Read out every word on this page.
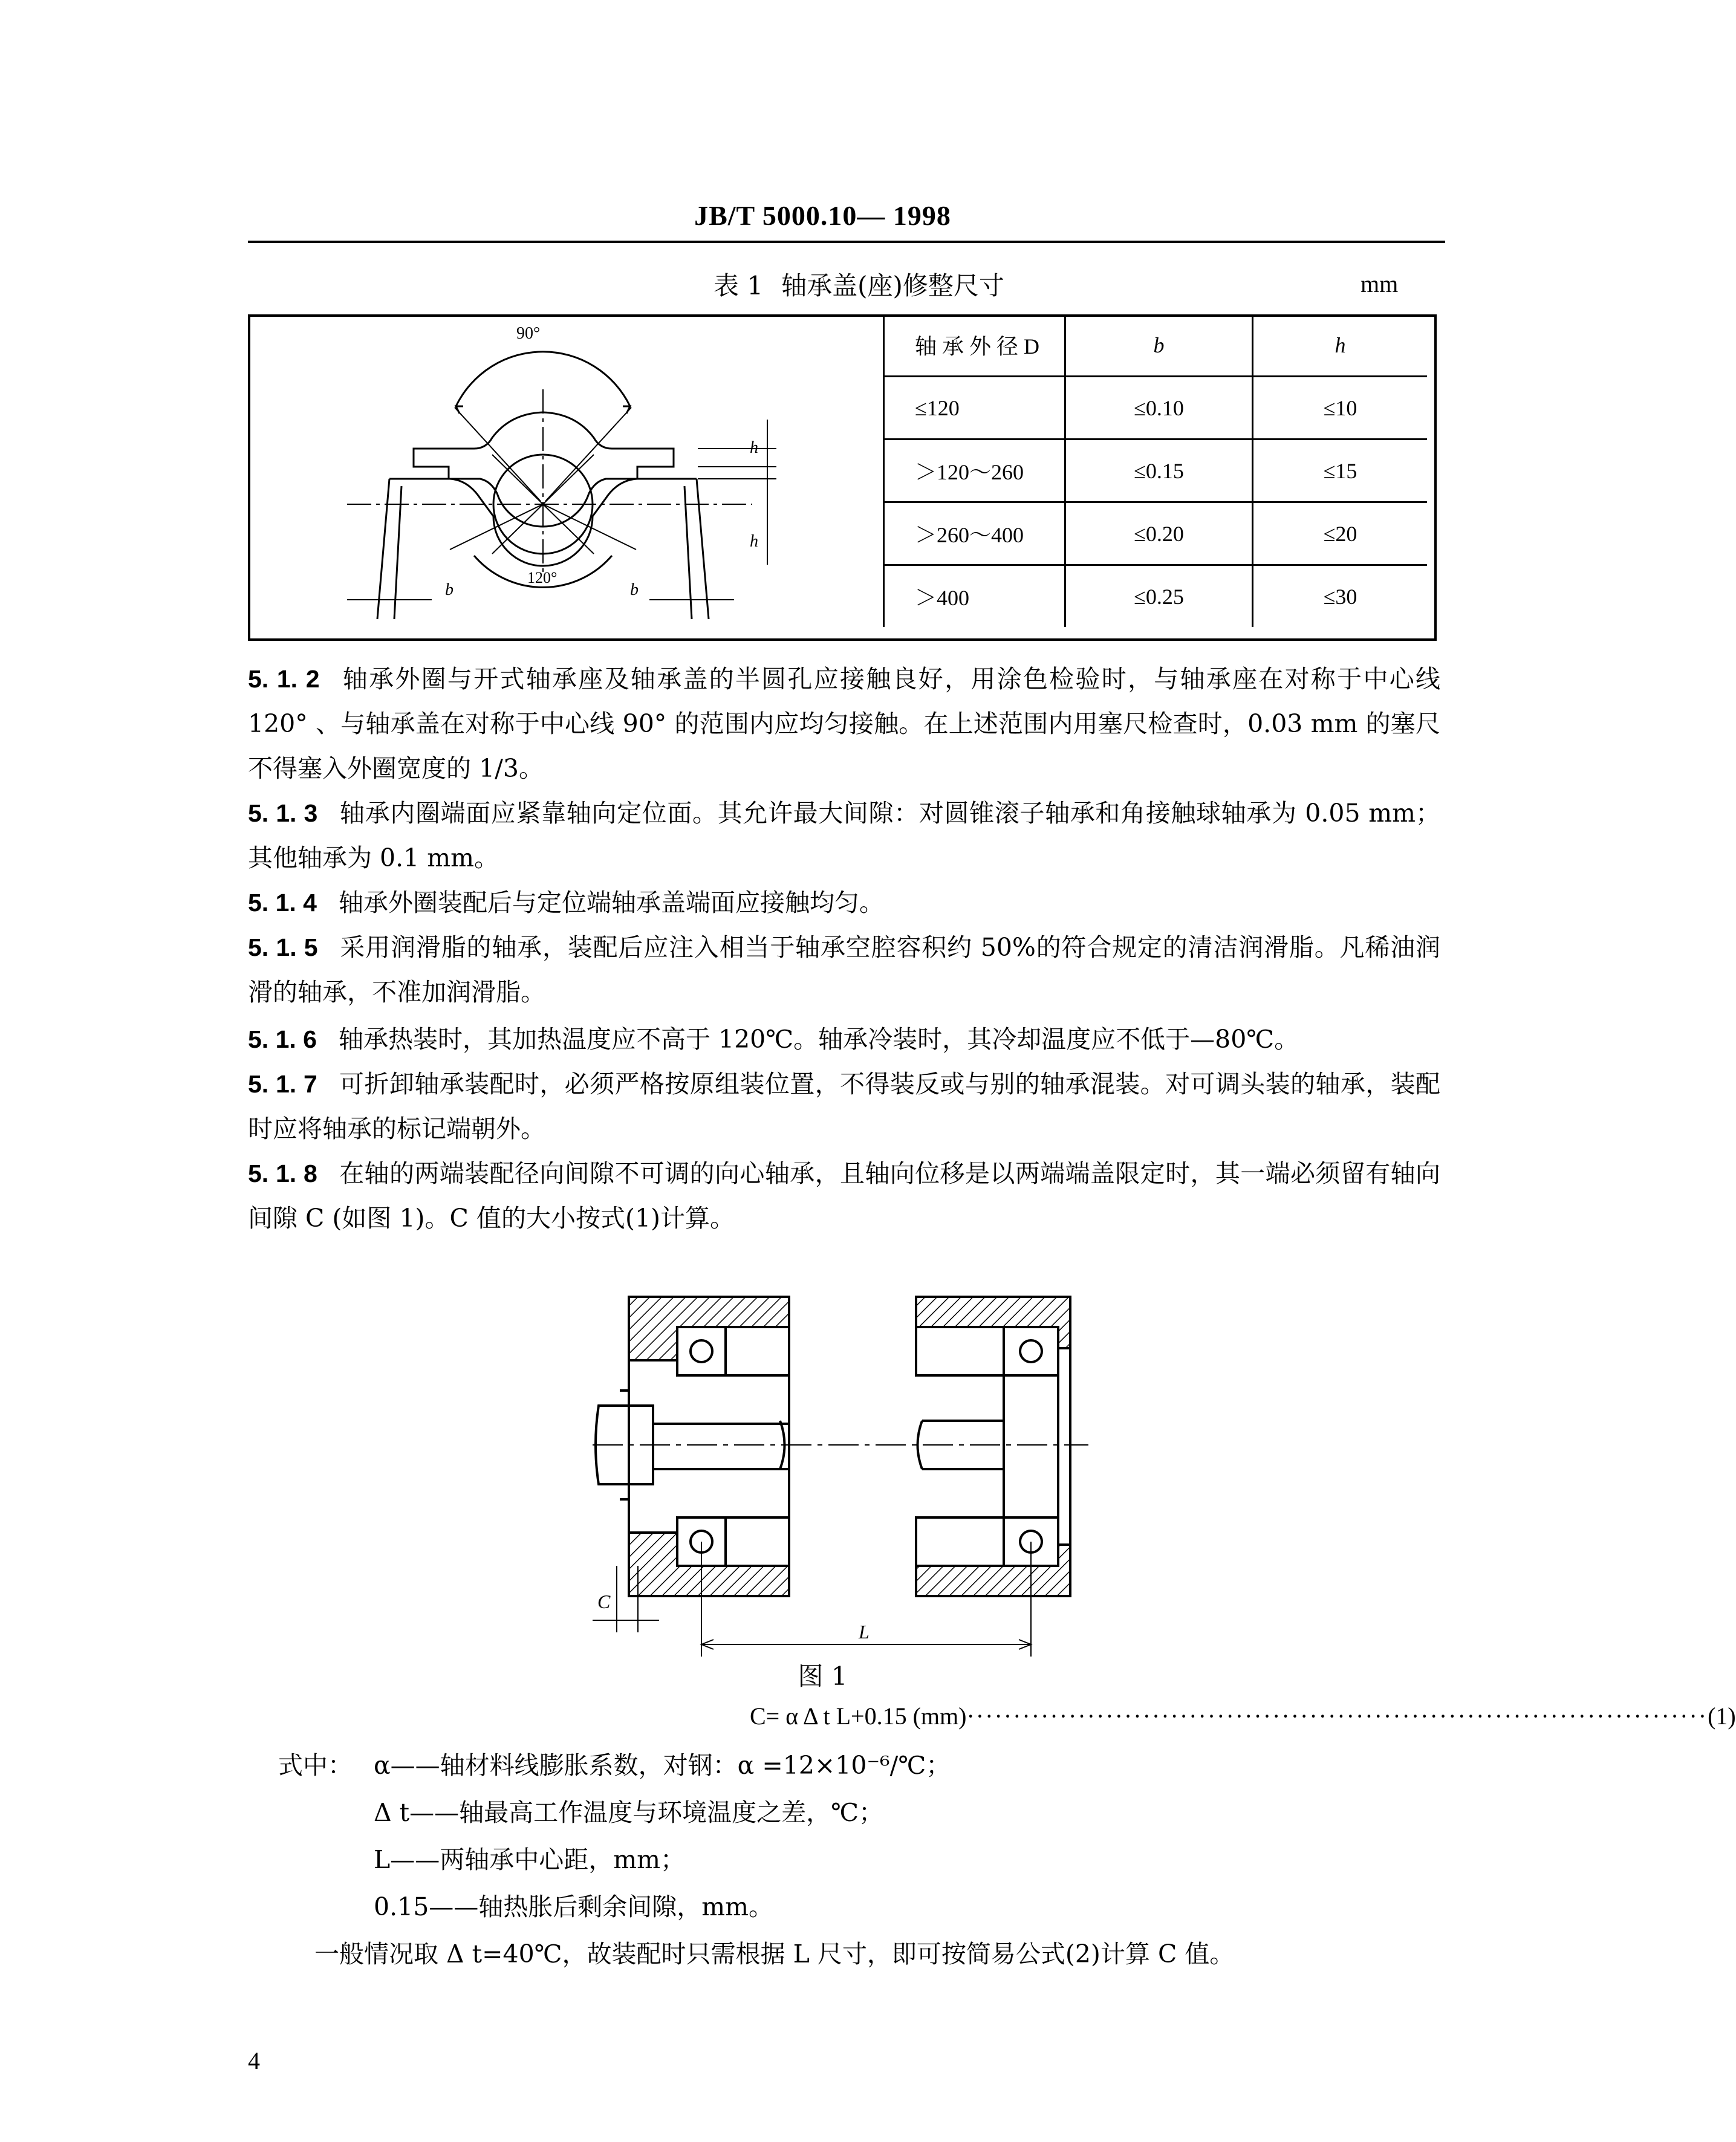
JB/T 5000.10— 1998
表 1 轴承盖(座)修整尺寸	mm
90°
120°
h
h
b	b
轴 承 外 径 D	b	h
≤120	≤0.10	≤10
＞120～260	≤0.15	≤15
＞260～400	≤0.20	≤20
＞400	≤0.25	≤30
5. 1. 2 轴承外圈与开式轴承座及轴承盖的半圆孔应接触良好，用涂色检验时，与轴承座在对称于中心线 120° 、与轴承盖在对称于中心线 90° 的范围内应均匀接触。在上述范围内用塞尺检查时，0.03 mm 的塞尺不得塞入外圈宽度的 1/3。
5. 1. 3 轴承内圈端面应紧靠轴向定位面。其允许最大间隙：对圆锥滚子轴承和角接触球轴承为 0.05 mm；其他轴承为 0.1 mm。
5. 1. 4 轴承外圈装配后与定位端轴承盖端面应接触均匀。
5. 1. 5 采用润滑脂的轴承，装配后应注入相当于轴承空腔容积约 50%的符合规定的清洁润滑脂。凡稀油润滑的轴承，不准加润滑脂。
5. 1. 6 轴承热装时，其加热温度应不高于 120℃。轴承冷装时，其冷却温度应不低于—80℃。
5. 1. 7 可折卸轴承装配时，必须严格按原组装位置，不得装反或与别的轴承混装。对可调头装的轴承，装配时应将轴承的标记端朝外。
5. 1. 8 在轴的两端装配径向间隙不可调的向心轴承，且轴向位移是以两端端盖限定时，其一端必须留有轴向间隙 C (如图 1)。C 值的大小按式(1)计算。
C
L
图 1
C= α Δ t L+0.15 (mm) ················································································ (1)
式中： α——轴材料线膨胀系数，对钢：α =12×10⁻⁶/℃；
Δ t——轴最高工作温度与环境温度之差，℃；
L——两轴承中心距，mm；
0.15——轴热胀后剩余间隙，mm。
一般情况取 Δ t=40℃，故装配时只需根据 L 尺寸，即可按简易公式(2)计算 C 值。
4
